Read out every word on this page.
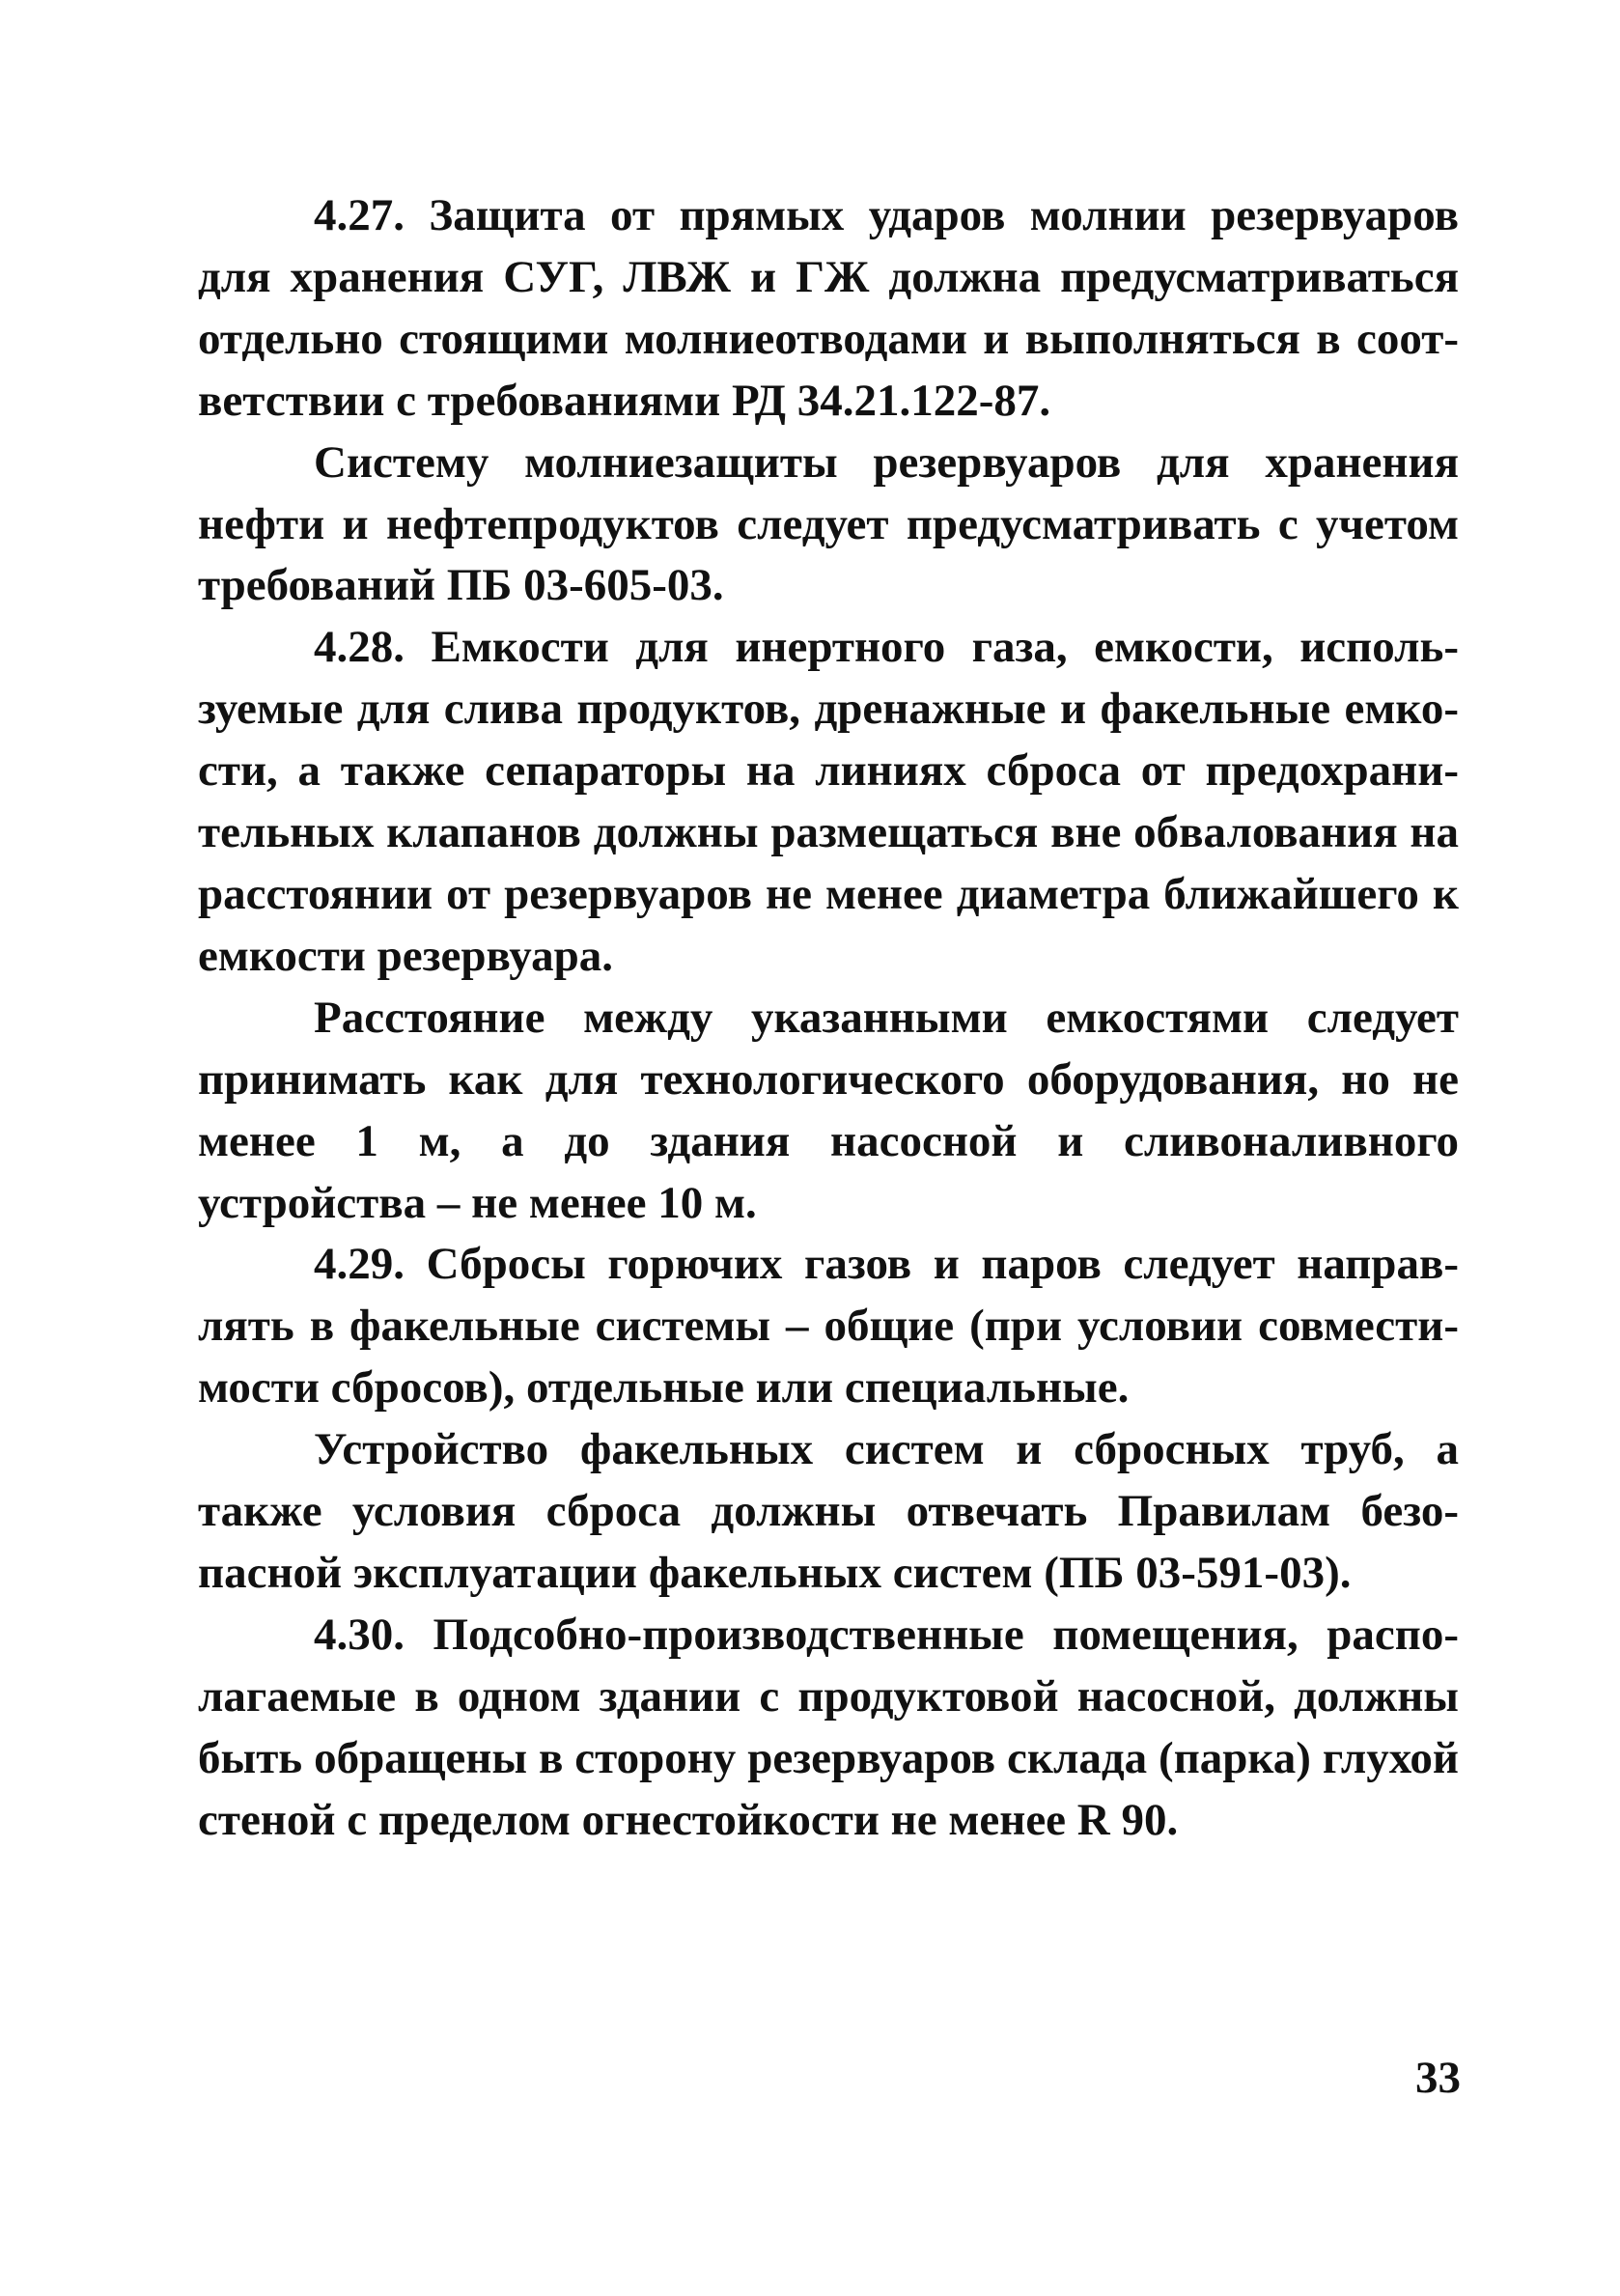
4.27. Защита от прямых ударов молнии резервуаров для хранения СУГ, ЛВЖ и ГЖ должна предусматриваться отдельно стоящими молниеотводами и выполняться в соответствии с требованиями РД 34.21.122-87.

Систему молниезащиты резервуаров для хранения нефти и нефтепродуктов следует предусматривать с учетом требований ПБ 03-605-03.

4.28. Емкости для инертного газа, емкости, используемые для слива продуктов, дренажные и факельные емкости, а также сепараторы на линиях сброса от предохранительных клапанов должны размещаться вне обвалования на расстоянии от резервуаров не менее диаметра ближайшего к емкости резервуара.

Расстояние между указанными емкостями следует принимать как для технологического оборудования, но не менее 1 м, а до здания насосной и сливоналивного устройства – не менее 10 м.

4.29. Сбросы горючих газов и паров следует направлять в факельные системы – общие (при условии совместимости сбросов), отдельные или специальные.

Устройство факельных систем и сбросных труб, а также условия сброса должны отвечать Правилам безопасной эксплуатации факельных систем (ПБ 03-591-03).

4.30. Подсобно-производственные помещения, располагаемые в одном здании с продуктовой насосной, должны быть обращены в сторону резервуаров склада (парка) глухой стеной с пределом огнестойкости не менее R 90.

33
